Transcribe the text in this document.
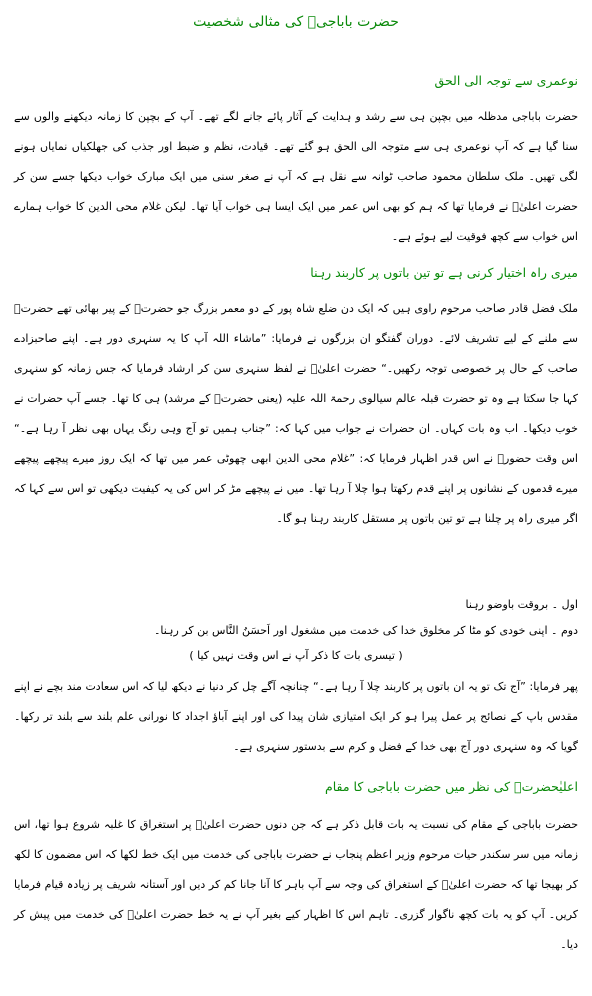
حضرت باباجیؒ کی مثالی شخصیت
نوعمری سے توجہ الی الحق

حضرت باباجی مدظلہ میں بچپن ہی سے رشد و ہدایت کے آثار پائے جانے لگے تھے۔ آپ کے بچپن کا زمانہ دیکھنے والوں سے سنا گیا ہے کہ آپ نوعمری ہی سے متوجہ الی الحق ہو گئے تھے۔ قیادت، نظم و ضبط اور جذب کی جھلکیاں نمایاں ہونے لگی تھیں۔ ملک سلطان محمود صاحب ٹوانہ سے نقل ہے کہ آپ نے صغر سنی میں ایک مبارک خواب دیکھا جسے سن کر حضرت اعلیٰؒ نے فرمایا تھا کہ ہم کو بھی اس عمر میں ایک ایسا ہی خواب آیا تھا۔ لیکن غلام محی الدین کا خواب ہمارے اس خواب سے کچھ فوقیت لیے ہوئے ہے۔

میری راہ اختیار کرنی ہے تو تین باتوں پر کاربند رہنا

ملک فضل قادر صاحب مرحوم راوی ہیں کہ ایک دن ضلع شاہ پور کے دو معمر بزرگ جو حضرتؒ کے پیر بھائی تھے حضرتؒ سے ملنے کے لیے تشریف لائے۔ دوران گفتگو ان بزرگوں نے فرمایا: ”ماشاء اللہ آپ کا یہ سنہری دور ہے۔ اپنے صاحبزادے صاحب کے حال پر خصوصی توجہ رکھیں۔“ حضرت اعلیٰؒ نے لفظ سنہری سن کر ارشاد فرمایا کہ جس زمانہ کو سنہری کہا جا سکتا ہے وہ تو حضرت قبلہ عالم سیالوی رحمۃ اللہ علیہ (یعنی حضرتؒ کے مرشد) ہی کا تھا۔ جسے آپ حضرات نے خوب دیکھا۔ اب وہ بات کہاں۔ ان حضرات نے جواب میں کہا کہ: ”جناب ہمیں تو آج وہی رنگ یہاں بھی نظر آ رہا ہے۔“ اس وقت حضورؒ نے اس قدر اظہار فرمایا کہ: ”غلام محی الدین ابھی چھوٹی عمر میں تھا کہ ایک روز میرے پیچھے پیچھے میرے قدموں کے نشانوں پر اپنے قدم رکھتا ہوا چلا آ رہا تھا۔ میں نے پیچھے مڑ کر اس کی یہ کیفیت دیکھی تو اس سے کہا کہ اگر میری راہ پر چلنا ہے تو تین باتوں پر مستقل کاربند رہنا ہو گا۔

اول ۔ بروقت باوضو رہنا

دوم ۔ اپنی خودی کو مٹا کر مخلوق خدا کی خدمت میں مشغول اور اَحسَنُ النَّاس بن کر رہنا۔

( تیسری بات کا ذکر آپ نے اس وقت نہیں کیا )

پھر فرمایا: ”آج تک تو یہ ان باتوں پر کاربند چلا آ رہا ہے۔“ چنانچہ آگے چل کر دنیا نے دیکھ لیا کہ اس سعادت مند بچے نے اپنے مقدس باپ کے نصائح پر عمل پیرا ہو کر ایک امتیازی شان پیدا کی اور اپنے آباؤ اجداد کا نورانی علم بلند سے بلند تر رکھا۔ گویا کہ وہ سنہری دور آج بھی خدا کے فضل و کرم سے بدستور سنہری ہے۔

اعلیٰحضرتؒ کی نظر میں حضرت باباجی کا مقام

حضرت باباجی کے مقام کی نسبت یہ بات قابل ذکر ہے کہ جن دنوں حضرت اعلیٰؒ پر استغراق کا غلبہ شروع ہوا تھا، اس زمانہ میں سر سکندر حیات مرحوم وزیر اعظم پنجاب نے حضرت باباجی کی خدمت میں ایک خط لکھا کہ اس مضمون کا لکھ کر بھیجا تھا کہ حضرت اعلیٰؒ کے استغراق کی وجہ سے آپ باہر کا آنا جانا کم کر دیں اور آستانہ شریف پر زیادہ قیام فرمایا کریں۔ آپ کو یہ بات کچھ ناگوار گزری۔ تاہم اس کا اظہار کیے بغیر آپ نے یہ خط حضرت اعلیٰؒ کی خدمت میں پیش کر دیا۔
